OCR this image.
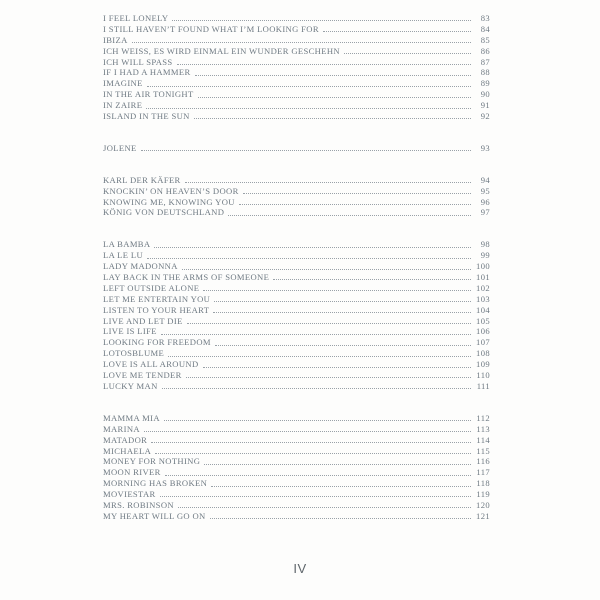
I FEEL LONELY	83
I STILL HAVEN’T FOUND WHAT I’M LOOKING FOR	84
IBIZA	85
ICH WEISS, ES WIRD EINMAL EIN WUNDER GESCHEHN	86
ICH WILL SPASS	87
IF I HAD A HAMMER	88
IMAGINE	89
IN THE AIR TONIGHT	90
IN ZAIRE	91
ISLAND IN THE SUN	92
JOLENE	93
KARL DER KÄFER	94
KNOCKIN’ ON HEAVEN’S DOOR	95
KNOWING ME, KNOWING YOU	96
KÖNIG VON DEUTSCHLAND	97
LA BAMBA	98
LA LE LU	99
LADY MADONNA	100
LAY BACK IN THE ARMS OF SOMEONE	101
LEFT OUTSIDE ALONE	102
LET ME ENTERTAIN YOU	103
LISTEN TO YOUR HEART	104
LIVE AND LET DIE	105
LIVE IS LIFE	106
LOOKING FOR FREEDOM	107
LOTOSBLUME	108
LOVE IS ALL AROUND	109
LOVE ME TENDER	110
LUCKY MAN	111
MAMMA MIA	112
MARINA	113
MATADOR	114
MICHAELA	115
MONEY FOR NOTHING	116
MOON RIVER	117
MORNING HAS BROKEN	118
MOVIESTAR	119
MRS. ROBINSON	120
MY HEART WILL GO ON	121
IV
